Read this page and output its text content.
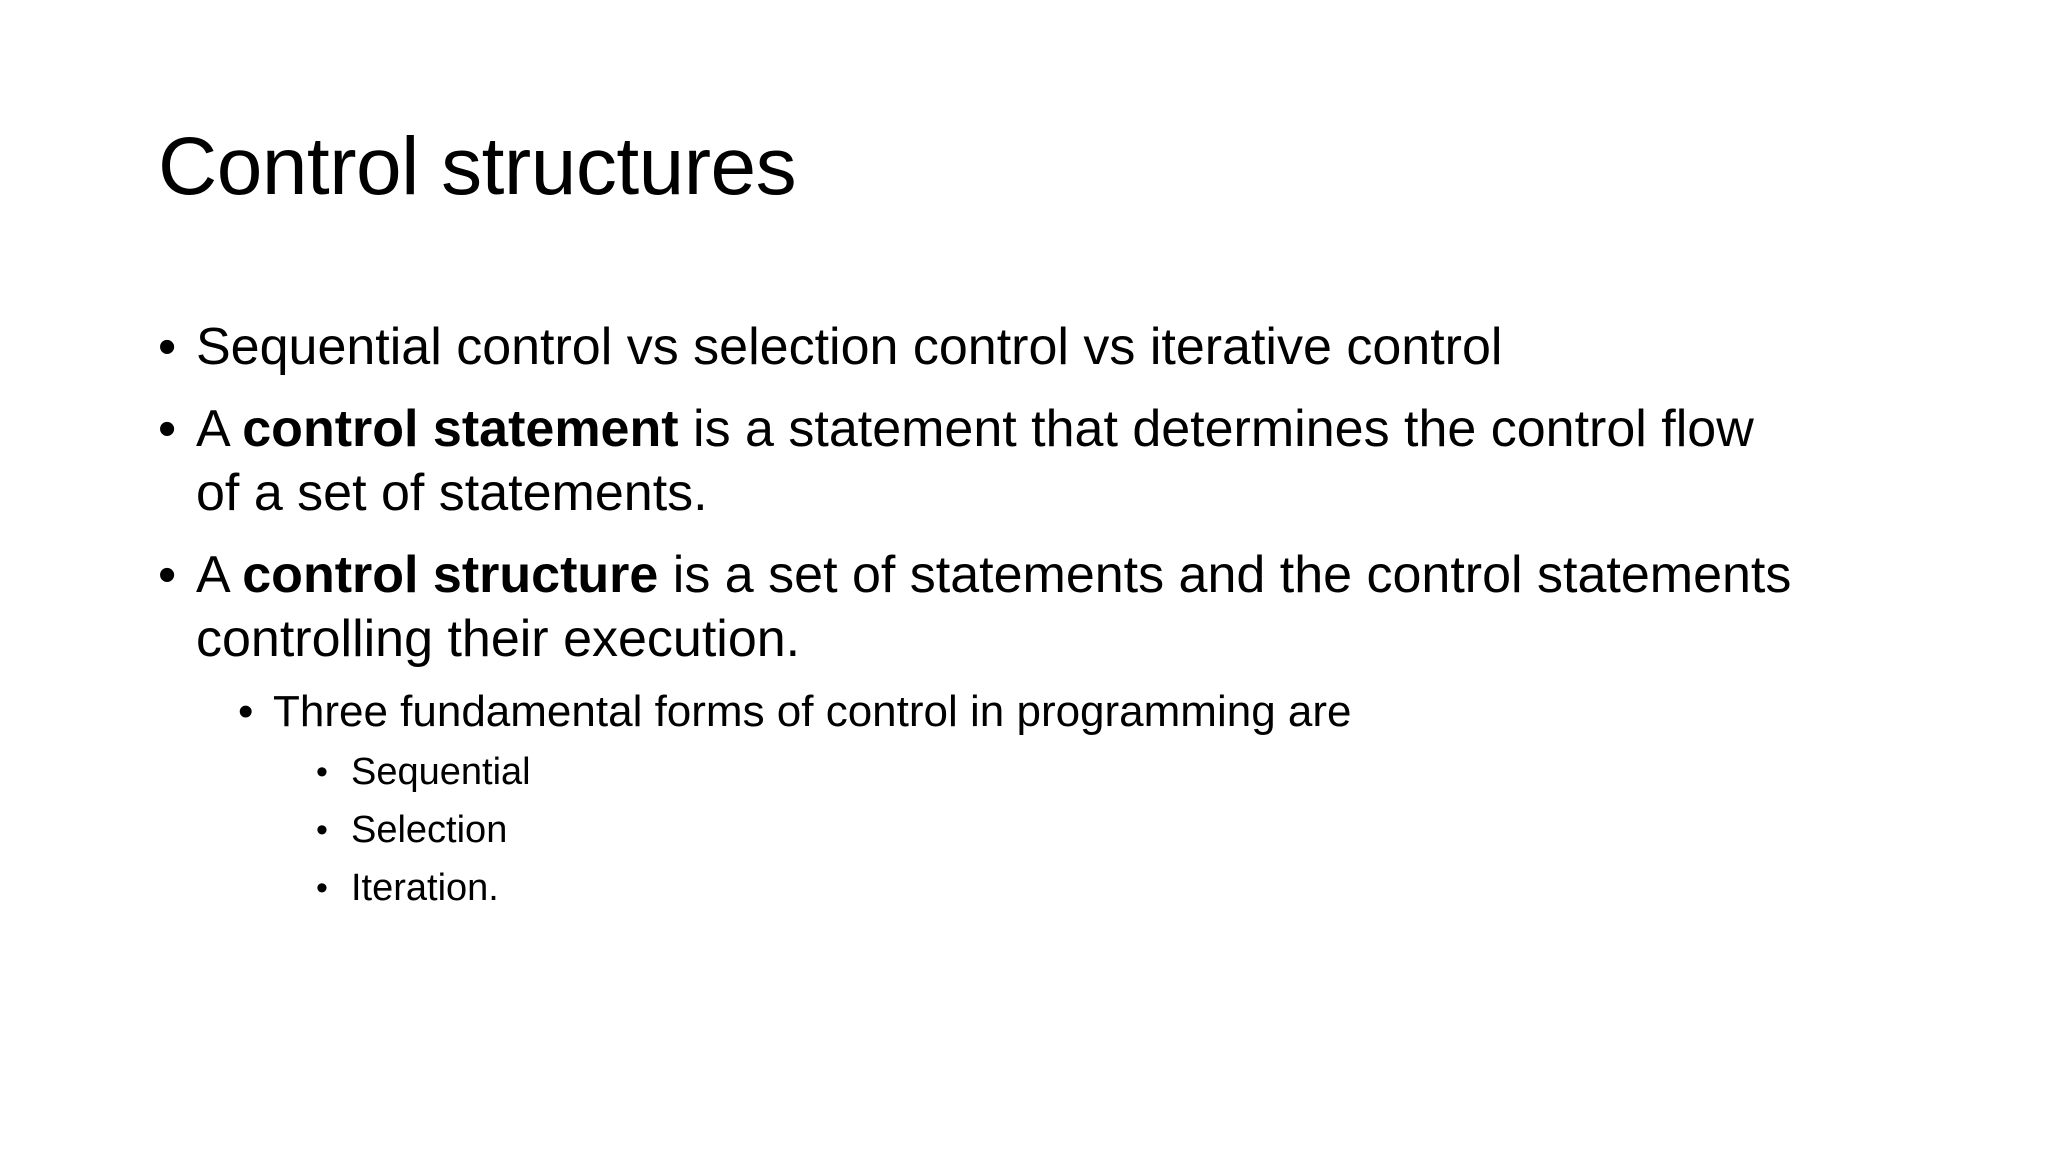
Control structures
• Sequential control vs selection control vs iterative control
• A control statement is a statement that determines the control flow
of a set of statements.
• A control structure is a set of statements and the control statements
controlling their execution.
• Three fundamental forms of control in programming are
• Sequential
• Selection
• Iteration.
